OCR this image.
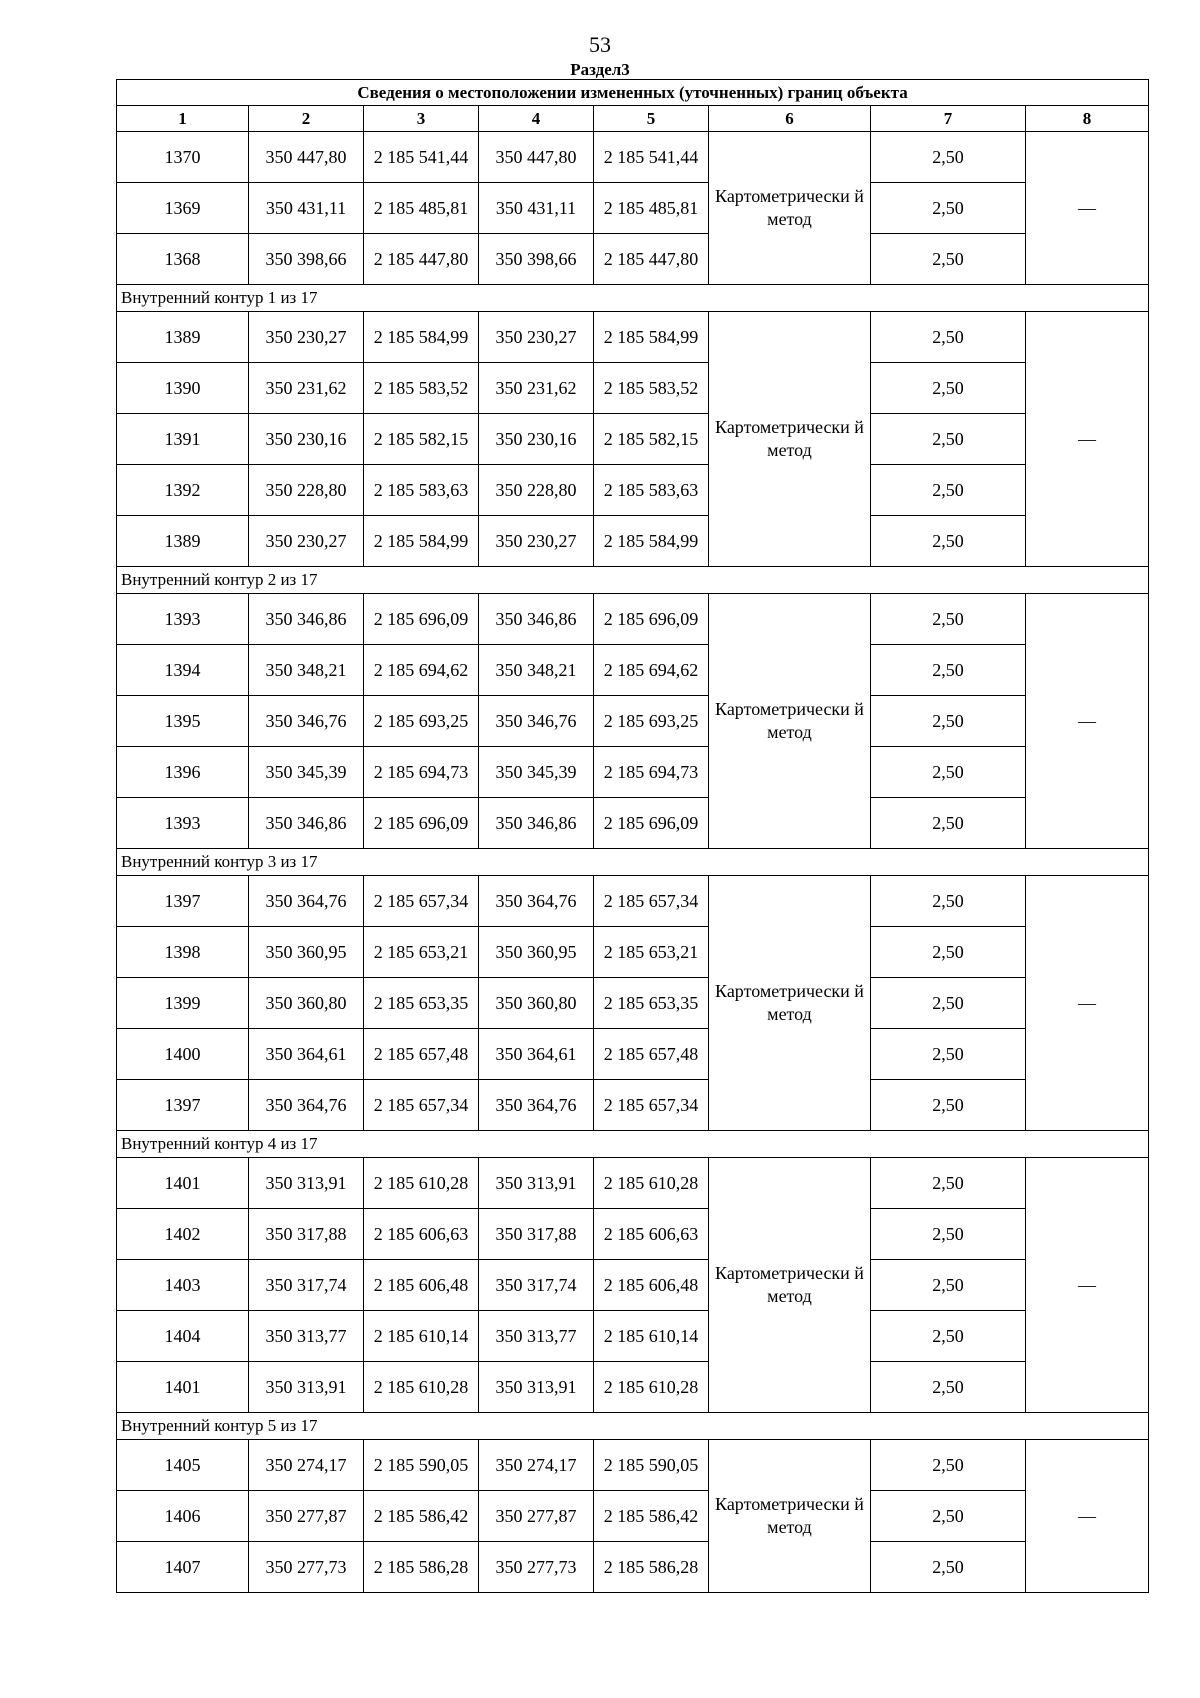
53
Раздел3
Сведения о местоположении измененных (уточненных) границ объекта							
1	2	3	4	5	6	7	8
1370	350 447,80	2 185 541,44	350 447,80	2 185 541,44	Картометрически й метод	2,50	—
1369	350 431,11	2 185 485,81	350 431,11	2 185 485,81		2,50	
1368	350 398,66	2 185 447,80	350 398,66	2 185 447,80		2,50	
Внутренний контур 1 из 17							
1389	350 230,27	2 185 584,99	350 230,27	2 185 584,99	Картометрически й метод	2,50	—
1390	350 231,62	2 185 583,52	350 231,62	2 185 583,52		2,50	
1391	350 230,16	2 185 582,15	350 230,16	2 185 582,15		2,50	
1392	350 228,80	2 185 583,63	350 228,80	2 185 583,63		2,50	
1389	350 230,27	2 185 584,99	350 230,27	2 185 584,99		2,50	
Внутренний контур 2 из 17							
1393	350 346,86	2 185 696,09	350 346,86	2 185 696,09	Картометрически й метод	2,50	—
1394	350 348,21	2 185 694,62	350 348,21	2 185 694,62		2,50	
1395	350 346,76	2 185 693,25	350 346,76	2 185 693,25		2,50	
1396	350 345,39	2 185 694,73	350 345,39	2 185 694,73		2,50	
1393	350 346,86	2 185 696,09	350 346,86	2 185 696,09		2,50	
Внутренний контур 3 из 17							
1397	350 364,76	2 185 657,34	350 364,76	2 185 657,34	Картометрически й метод	2,50	—
1398	350 360,95	2 185 653,21	350 360,95	2 185 653,21		2,50	
1399	350 360,80	2 185 653,35	350 360,80	2 185 653,35		2,50	
1400	350 364,61	2 185 657,48	350 364,61	2 185 657,48		2,50	
1397	350 364,76	2 185 657,34	350 364,76	2 185 657,34		2,50	
Внутренний контур 4 из 17							
1401	350 313,91	2 185 610,28	350 313,91	2 185 610,28	Картометрически й метод	2,50	—
1402	350 317,88	2 185 606,63	350 317,88	2 185 606,63		2,50	
1403	350 317,74	2 185 606,48	350 317,74	2 185 606,48		2,50	
1404	350 313,77	2 185 610,14	350 313,77	2 185 610,14		2,50	
1401	350 313,91	2 185 610,28	350 313,91	2 185 610,28		2,50	
Внутренний контур 5 из 17							
1405	350 274,17	2 185 590,05	350 274,17	2 185 590,05	Картометрически й метод	2,50	—
1406	350 277,87	2 185 586,42	350 277,87	2 185 586,42		2,50	
1407	350 277,73	2 185 586,28	350 277,73	2 185 586,28		2,50	
